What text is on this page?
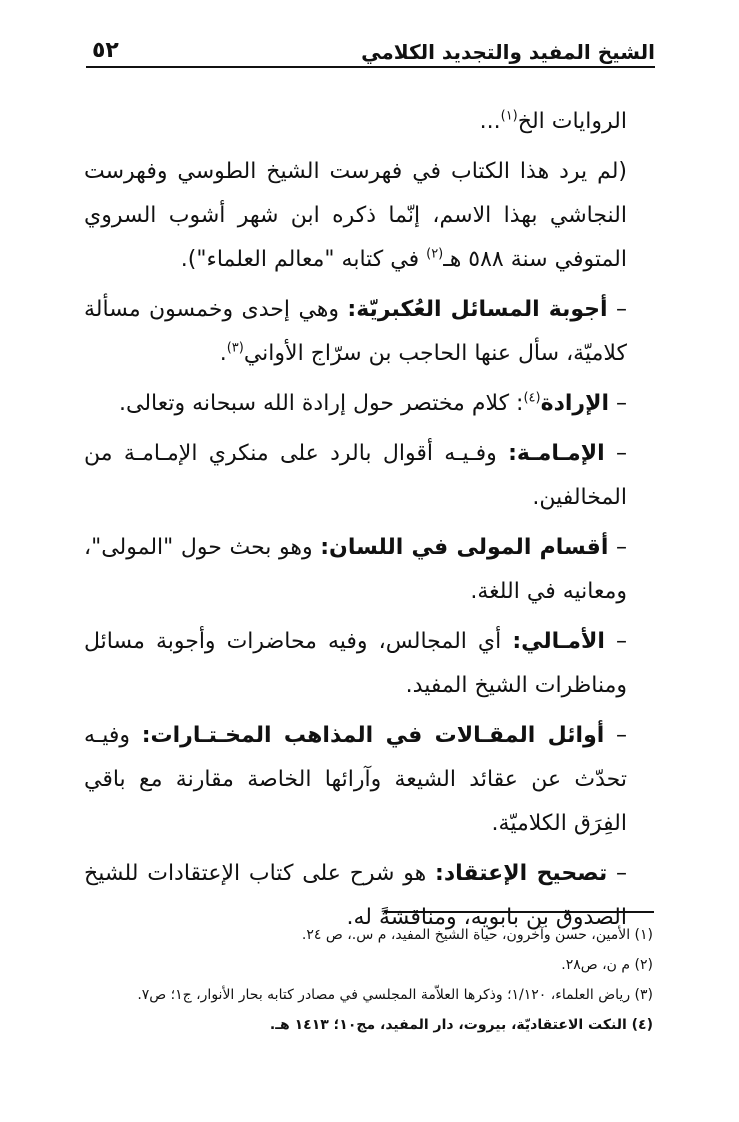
الشيخ المفيد والتجديد الكلامي
٥٢

الروايات الخ$^{(١)}$...

(لم يرد هذا الكتاب في فهرست الشيخ الطوسي وفهرست النجاشي بهذا الاسم، إنّما ذكره ابن شهر أشوب السروي المتوفي سنة ٥٨٨ هـ$^{(٢)}$ في كتابه "معالم العلماء").

– أجوبة المسائل العُكبريّة: وهي إحدى وخمسون مسألة كلاميّة، سأل عنها الحاجب بن سرّاج الأواني$^{(٣)}$.

– الإرادة$^{(٤)}$: كلام مختصر حول إرادة الله سبحانه وتعالى.

– الإمـامـة: وفـيـه أقوال بالرد على منكري الإمـامـة من المخالفين.

– أقسام المولى في اللسان: وهو بحث حول "المولى"، ومعانيه في اللغة.

– الأمـالي: أي المجالس، وفيه محاضرات وأجوبة مسائل ومناظرات الشيخ المفيد.

– أوائل المقـالات في المذاهب المخـتـارات: وفيـه تحدّث عن عقائد الشيعة وآرائها الخاصة مقارنة مع باقي الفِرَق الكلاميّة.

– تصحيح الإعتقاد: هو شرح على كتاب الإعتقادات للشيخ الصدوق بن بابويه، ومناقشةً له.

(١) الأمين، حسن وآخرون، حياة الشيخ المفيد، م س.، ص ٢٤.

(٢) م ن، ص٢٨.

(٣) رياض العلماء، ١/١٢٠؛ وذكرها العلاّمة المجلسي في مصادر كتابه بحار الأنوار، ج١؛ ص٧.

(٤) النكت الاعتقاديّة، بيروت، دار المفيد، مج١٠؛ ١٤١٣ هـ.
